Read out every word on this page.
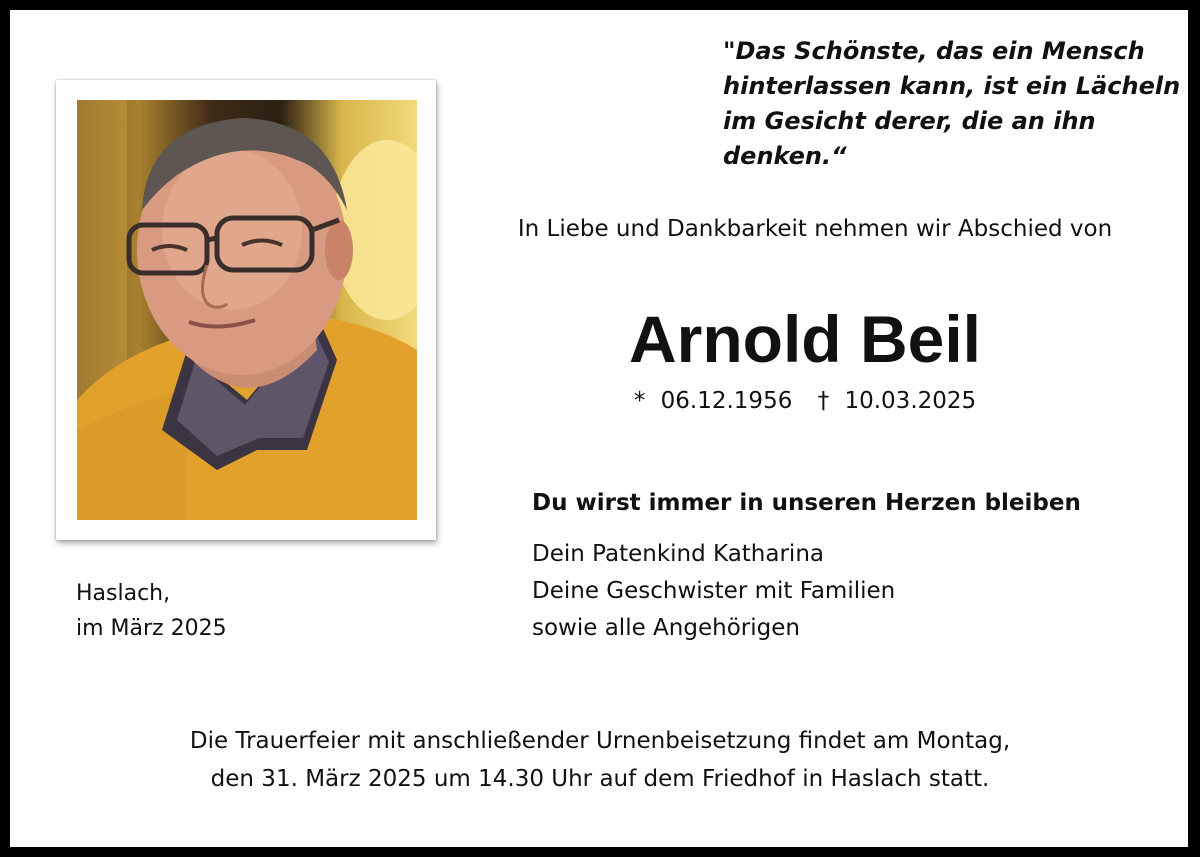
"Das Schönste, das ein Mensch
hinterlassen kann, ist ein Lächeln
im Gesicht derer, die an ihn
denken.“

In Liebe und Dankbarkeit nehmen wir Abschied von

Arnold Beil

* 06.12.1956 † 10.03.2025

Du wirst immer in unseren Herzen bleiben

Dein Patenkind Katharina
Deine Geschwister mit Familien
sowie alle Angehörigen
Haslach,
im März 2025
Die Trauerfeier mit anschließender Urnenbeisetzung findet am Montag,
den 31. März 2025 um 14.30 Uhr auf dem Friedhof in Haslach statt.
